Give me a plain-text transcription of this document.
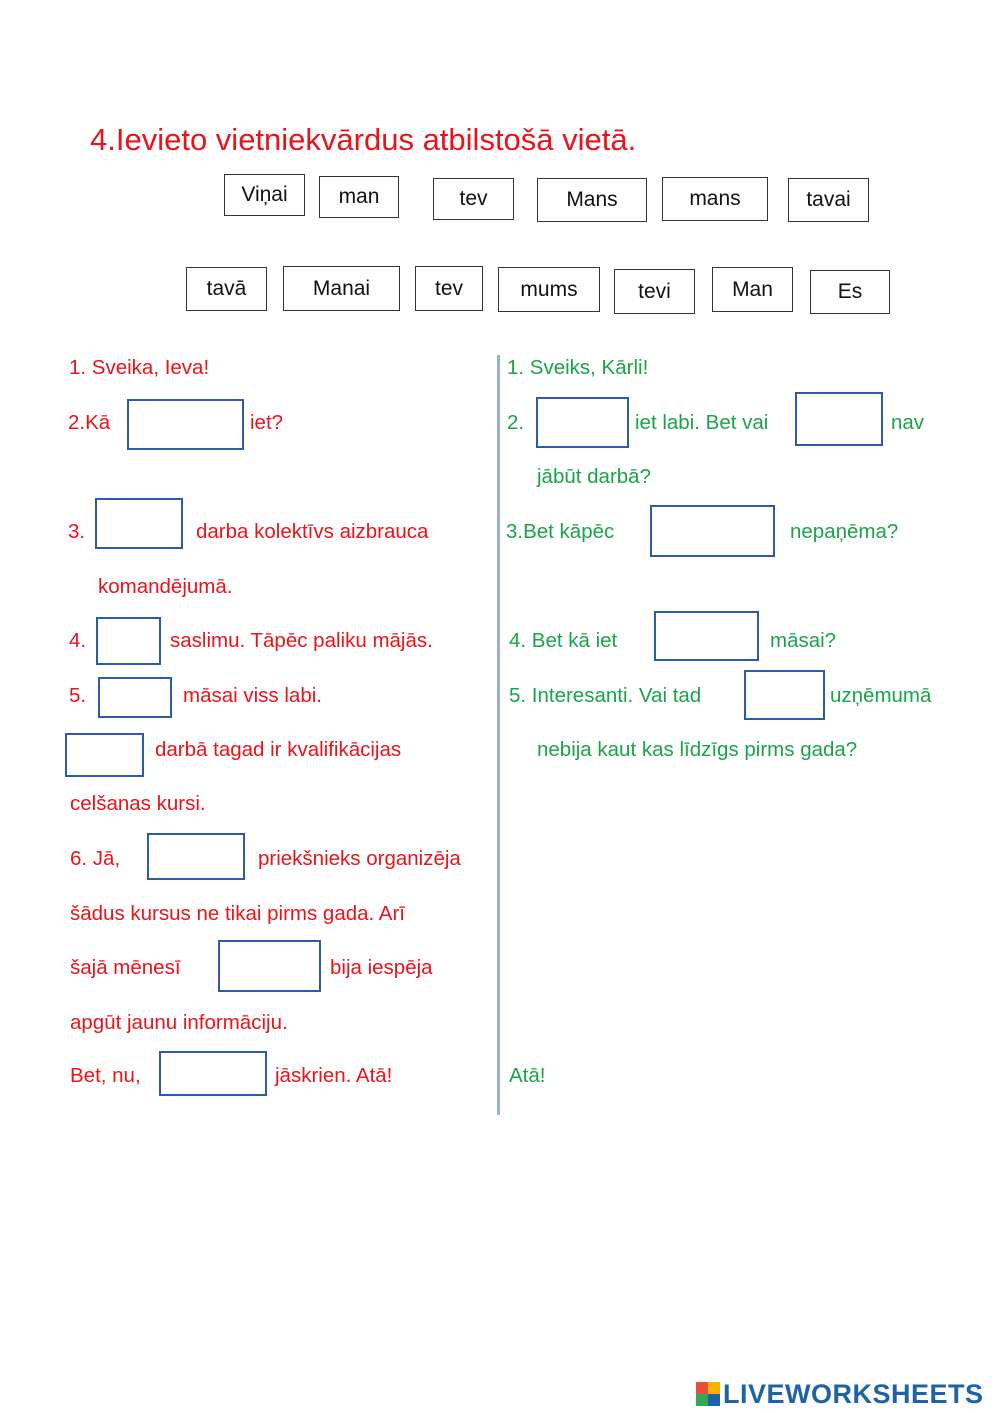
4.Ievieto vietniekvārdus atbilstošā vietā.
Viņai	man	tev	Mans	mans	tavai
tavā	Manai	tev	mums	tevi	Man	Es
1. Sveika, Ieva!
2.Kā	iet?
3.	darba kolektīvs aizbrauca
komandējumā.
4.	saslimu. Tāpēc paliku mājās.
5.	māsai viss labi.
darbā tagad ir kvalifikācijas
celšanas kursi.
6. Jā,	priekšnieks organizēja
šādus kursus ne tikai pirms gada. Arī
šajā mēnesī	bija iespēja
apgūt jaunu informāciju.
Bet, nu,	jāskrien. Atā!
1. Sveiks, Kārli!
2.	iet labi. Bet vai	nav
jābūt darbā?
3.Bet kāpēc	nepaņēma?
4. Bet kā iet	māsai?
5. Interesanti. Vai tad	uzņēmumā
nebija kaut kas līdzīgs pirms gada?
Atā!
LIVEWORKSHEETS
